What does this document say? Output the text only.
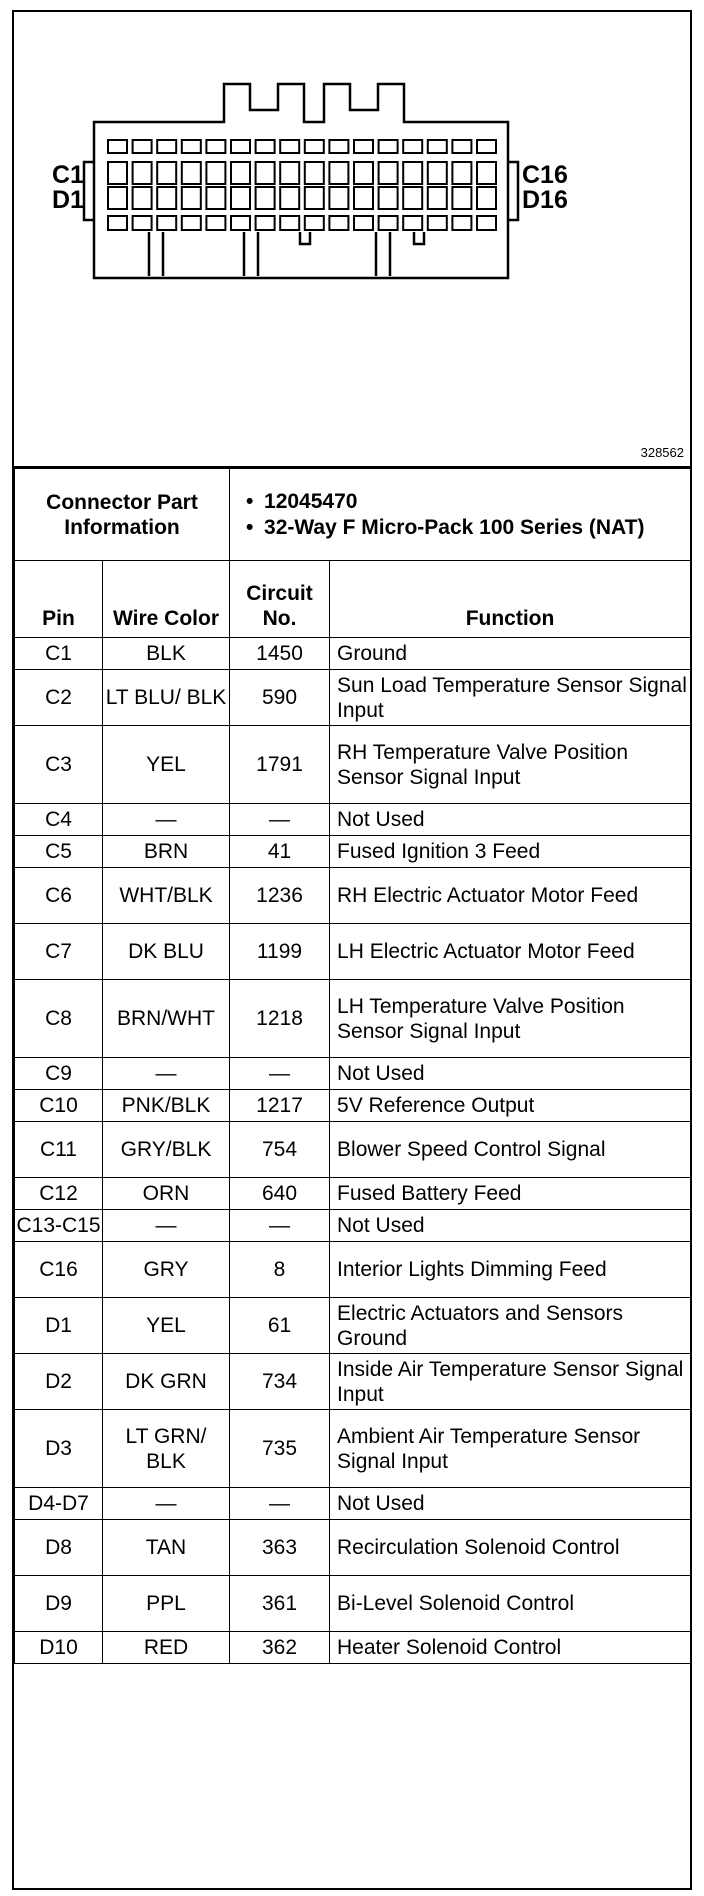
C1
D1
C16
D16
328562
Connector Part Information		• 12045470
• 32-Way F Micro-Pack 100 Series (NAT)

Pin	Wire Color	Circuit No.	Function
C1	BLK	1450	Ground
C2	LT BLU/ BLK	590	Sun Load Temperature Sensor Signal Input
C3	YEL	1791	RH Temperature Valve Position Sensor Signal Input
C4	—	—	Not Used
C5	BRN	41	Fused Ignition 3 Feed
C6	WHT/BLK	1236	RH Electric Actuator Motor Feed
C7	DK BLU	1199	LH Electric Actuator Motor Feed
C8	BRN/WHT	1218	LH Temperature Valve Position Sensor Signal Input
C9	—	—	Not Used
C10	PNK/BLK	1217	5V Reference Output
C11	GRY/BLK	754	Blower Speed Control Signal
C12	ORN	640	Fused Battery Feed
C13-C15	—	—	Not Used
C16	GRY	8	Interior Lights Dimming Feed
D1	YEL	61	Electric Actuators and Sensors Ground
D2	DK GRN	734	Inside Air Temperature Sensor Signal Input
D3	LT GRN/ BLK	735	Ambient Air Temperature Sensor Signal Input
D4-D7	—	—	Not Used
D8	TAN	363	Recirculation Solenoid Control
D9	PPL	361	Bi-Level Solenoid Control
D10	RED	362	Heater Solenoid Control
